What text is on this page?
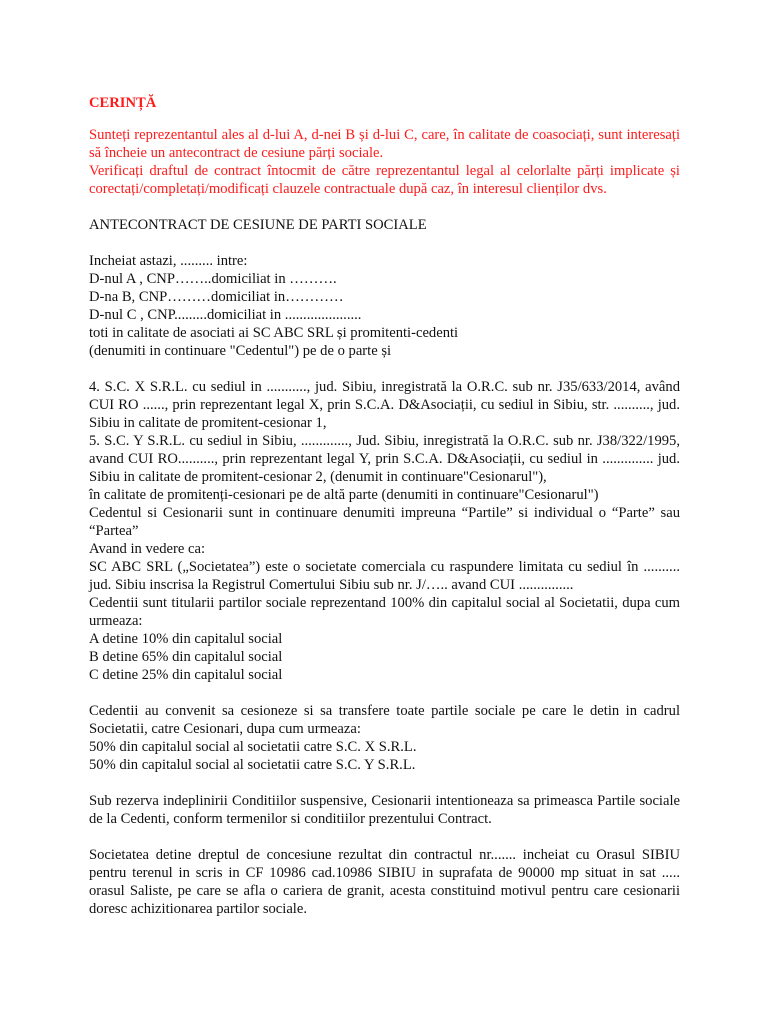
CERINȚĂ

Sunteți reprezentantul ales al d-lui A, d-nei B și d-lui C, care, în calitate de coasociați, sunt interesați să încheie un antecontract de cesiune părți sociale.

Verificați draftul de contract întocmit de către reprezentantul legal al celorlalte părți implicate și corectați/completați/modificați clauzele contractuale după caz, în interesul clienților dvs.

ANTECONTRACT DE CESIUNE DE PARTI SOCIALE

Incheiat astazi, ......... intre:

D-nul A , CNP……..domiciliat in ……….

D-na B, CNP………domiciliat in…………

D-nul C , CNP.........domiciliat in .....................

toti in calitate de asociati ai SC ABC SRL și promitenti-cedenti

(denumiti in continuare "Cedentul") pe de o parte și

4. S.C. X S.R.L. cu sediul in ..........., jud. Sibiu, inregistrată la O.R.C. sub nr. J35/633/2014, având CUI RO ......, prin reprezentant legal X, prin S.C.A. D&Asociații, cu sediul in Sibiu, str. .........., jud. Sibiu in calitate de promitent-cesionar 1,

5. S.C. Y S.R.L. cu sediul in Sibiu, ............., Jud. Sibiu, inregistrată la O.R.C. sub nr. J38/322/1995, avand CUI RO.........., prin reprezentant legal Y, prin S.C.A. D&Asociații, cu sediul in .............. jud. Sibiu in calitate de promitent-cesionar 2, (denumit in continuare"Cesionarul"),

în calitate de promitenți-cesionari pe de altă parte (denumiti in continuare"Cesionarul")

Cedentul si Cesionarii sunt in continuare denumiti impreuna “Partile” si individual o “Parte” sau “Partea”

Avand in vedere ca:

SC ABC SRL („Societatea”) este o societate comerciala cu raspundere limitata cu sediul în .......... jud. Sibiu inscrisa la Registrul Comertului Sibiu sub nr. J/….. avand CUI ...............

Cedentii sunt titularii partilor sociale reprezentand 100% din capitalul social al Societatii, dupa cum urmeaza:

A detine 10% din capitalul social

B detine 65% din capitalul social

C detine 25% din capitalul social

Cedentii au convenit sa cesioneze si sa transfere toate partile sociale pe care le detin in cadrul Societatii, catre Cesionari, dupa cum urmeaza:

50% din capitalul social al societatii catre S.C. X S.R.L.

50% din capitalul social al societatii catre S.C. Y S.R.L.

Sub rezerva indeplinirii Conditiilor suspensive, Cesionarii intentioneaza sa primeasca Partile sociale de la Cedenti, conform termenilor si conditiilor prezentului Contract.

Societatea detine dreptul de concesiune rezultat din contractul nr....... incheiat cu Orasul SIBIU pentru terenul in scris in CF 10986 cad.10986 SIBIU in suprafata de 90000 mp situat in sat ..... orasul Saliste, pe care se afla o cariera de granit, acesta constituind motivul pentru care cesionarii doresc achizitionarea partilor sociale.
